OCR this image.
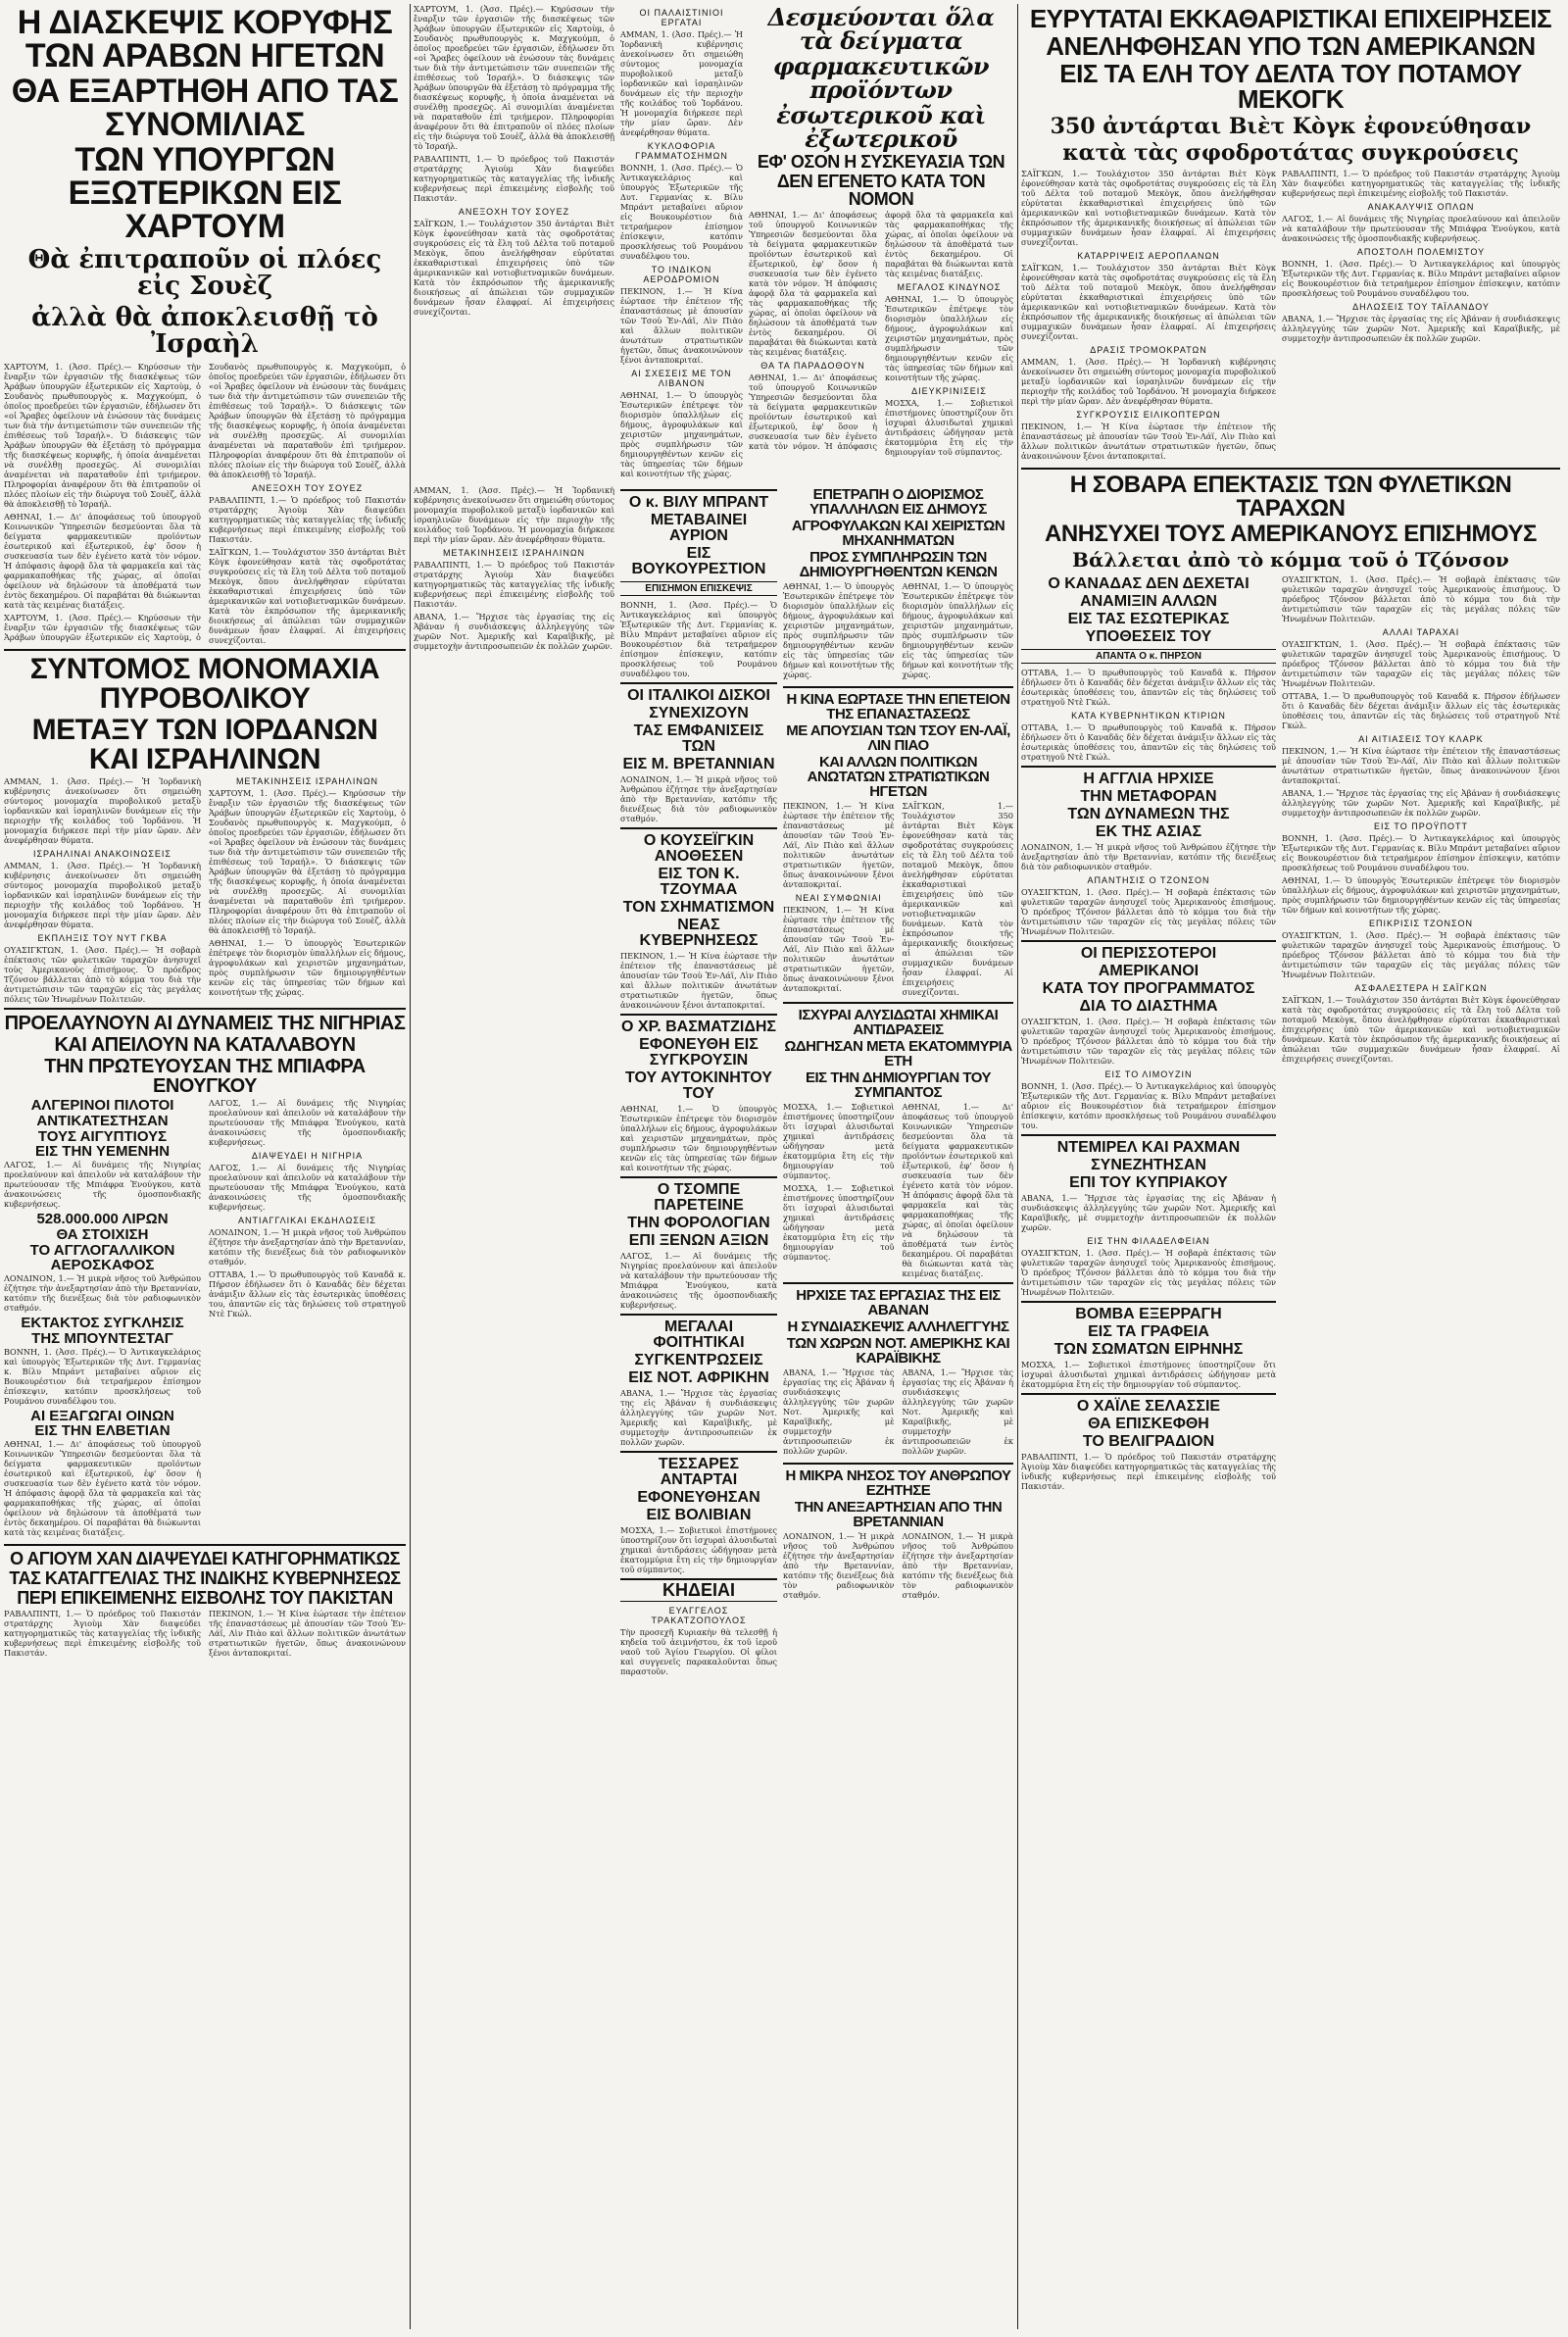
Η ΔΙΑΣΚΕΨΙΣ ΚΟΡΥΦΗΣ ΤΩΝ ΑΡΑΒΩΝ ΗΓΕΤΩΝ
ΘΑ ΕΞΑΡΤΗΘΗ ΑΠΟ ΤΑΣ ΣΥΝΟΜΙΛΙΑΣ
ΤΩΝ ΥΠΟΥΡΓΩΝ ΕΞΩΤΕΡΙΚΩΝ ΕΙΣ ΧΑΡΤΟΥΜ
Θὰ ἐπιτραποῦν οἱ πλόες εἰς Σουὲζ
ἀλλὰ θὰ ἀποκλεισθῇ τὸ Ἰσραὴλ

ΧΑΡΤΟΥΜ, 1. (Ἀσσ. Πρές).— Κηρύσσων τὴν ἔναρξιν τῶν ἐργασιῶν τῆς διασκέψεως τῶν Ἀράβων ὑπουργῶν ἐξωτερικῶν εἰς Χαρτοὺμ, ὁ Σουδανὸς πρωθυπουργὸς κ. Μαχγκούμπ, ὁ ὁποῖος προεδρεύει τῶν ἐργασιῶν, ἐδήλωσεν ὅτι «οἱ Ἄραβες ὀφείλουν νὰ ἑνώσουν τὰς δυνάμεις των διὰ τὴν ἀντιμετώπισιν τῶν συνεπειῶν τῆς ἐπιθέσεως τοῦ Ἰσραήλ». Ὁ διάσκεψις τῶν Ἀράβων ὑπουργῶν θὰ ἐξετάσῃ τὸ πρόγραμμα τῆς διασκέψεως κορυφῆς, ἡ ὁποία ἀναμένεται νὰ συνέλθῃ προσεχῶς. Αἱ συνομιλίαι ἀναμένεται νὰ παραταθοῦν ἐπὶ τριήμερον. Πληροφορίαι ἀναφέρουν ὅτι θὰ ἐπιτραποῦν οἱ πλόες πλοίων εἰς τὴν διώρυγα τοῦ Σουὲζ, ἀλλὰ θὰ ἀποκλεισθῇ τὸ Ἰσραήλ.

ΑΘΗΝΑΙ, 1.— Δι' ἀποφάσεως τοῦ ὑπουργοῦ Κοινωνικῶν Ὑπηρεσιῶν δεσμεύονται ὅλα τὰ δείγματα φαρμακευτικῶν προϊόντων ἐσωτερικοῦ καὶ ἐξωτερικοῦ, ἐφ' ὅσον ἡ συσκευασία των δὲν ἐγένετο κατὰ τὸν νόμον. Ἡ ἀπόφασις ἀφορᾷ ὅλα τὰ φαρμακεῖα καὶ τὰς φαρμακαποθήκας τῆς χώρας, αἱ ὁποῖαι ὀφείλουν νὰ δηλώσουν τὰ ἀποθέματά των ἐντὸς δεκαημέρου. Οἱ παραβάται θὰ διώκωνται κατὰ τὰς κειμένας διατάξεις.

ΧΑΡΤΟΥΜ, 1. (Ἀσσ. Πρές).— Κηρύσσων τὴν ἔναρξιν τῶν ἐργασιῶν τῆς διασκέψεως τῶν Ἀράβων ὑπουργῶν ἐξωτερικῶν εἰς Χαρτοὺμ, ὁ Σουδανὸς πρωθυπουργὸς κ. Μαχγκούμπ, ὁ ὁποῖος προεδρεύει τῶν ἐργασιῶν, ἐδήλωσεν ὅτι «οἱ Ἄραβες ὀφείλουν νὰ ἑνώσουν τὰς δυνάμεις των διὰ τὴν ἀντιμετώπισιν τῶν συνεπειῶν τῆς ἐπιθέσεως τοῦ Ἰσραήλ». Ὁ διάσκεψις τῶν Ἀράβων ὑπουργῶν θὰ ἐξετάσῃ τὸ πρόγραμμα τῆς διασκέψεως κορυφῆς, ἡ ὁποία ἀναμένεται νὰ συνέλθῃ προσεχῶς. Αἱ συνομιλίαι ἀναμένεται νὰ παραταθοῦν ἐπὶ τριήμερον. Πληροφορίαι ἀναφέρουν ὅτι θὰ ἐπιτραποῦν οἱ πλόες πλοίων εἰς τὴν διώρυγα τοῦ Σουὲζ, ἀλλὰ θὰ ἀποκλεισθῇ τὸ Ἰσραήλ.

ΑΝΕΞΟΧΗ ΤΟΥ ΣΟΥΕΖ

ΡΑΒΑΛΠΙΝΤΙ, 1.— Ὁ πρόεδρος τοῦ Πακιστάν στρατάρχης Ἀγιοὺμ Χὰν διαψεύδει κατηγορηματικῶς τὰς καταγγελίας τῆς ἰνδικῆς κυβερνήσεως περὶ ἐπικειμένης εἰσβολῆς τοῦ Πακιστάν.

ΣΑΪΓΚΩΝ, 1.— Τουλάχιστον 350 ἀντάρται Βιὲτ Κὸγκ ἐφονεύθησαν κατὰ τὰς σφοδροτάτας συγκρούσεις εἰς τὰ ἕλη τοῦ Δέλτα τοῦ ποταμοῦ Μεκὸγκ, ὅπου ἀνελήφθησαν εὐρύταται ἐκκαθαριστικαὶ ἐπιχειρήσεις ὑπὸ τῶν ἀμερικανικῶν καὶ νοτιοβιετναμικῶν δυνάμεων. Κατὰ τὸν ἐκπρόσωπον τῆς ἀμερικανικῆς διοικήσεως αἱ ἀπώλειαι τῶν συμμαχικῶν δυνάμεων ἦσαν ἐλαφραί. Αἱ ἐπιχειρήσεις συνεχίζονται.

ΣΥΝΤΟΜΟΣ ΜΟΝΟΜΑΧΙΑ ΠΥΡΟΒΟΛΙΚΟΥ
ΜΕΤΑΞΥ ΤΩΝ ΙΟΡΔΑΝΩΝ ΚΑΙ ΙΣΡΑΗΛΙΝΩΝ

ΑΜΜΑΝ, 1. (Ἀσσ. Πρές).— Ἡ Ἰορδανικὴ κυβέρνησις ἀνεκοίνωσεν ὅτι σημειώθη σύντομος μονομαχία πυροβολικοῦ μεταξὺ ἰορδανικῶν καὶ ἰσραηλινῶν δυνάμεων εἰς τὴν περιοχὴν τῆς κοιλάδος τοῦ Ἰορδάνου. Ἡ μονομαχία διήρκεσε περὶ τὴν μίαν ὥραν. Δὲν ἀνεφέρθησαν θύματα.

ΙΣΡΑΗΛΙΝΑΙ ΑΝΑΚΟΙΝΩΣΕΙΣ

ΑΜΜΑΝ, 1. (Ἀσσ. Πρές).— Ἡ Ἰορδανικὴ κυβέρνησις ἀνεκοίνωσεν ὅτι σημειώθη σύντομος μονομαχία πυροβολικοῦ μεταξὺ ἰορδανικῶν καὶ ἰσραηλινῶν δυνάμεων εἰς τὴν περιοχὴν τῆς κοιλάδος τοῦ Ἰορδάνου. Ἡ μονομαχία διήρκεσε περὶ τὴν μίαν ὥραν. Δὲν ἀνεφέρθησαν θύματα.

ΕΚΠΛΗΞΙΣ ΤΟΥ ΝΥΤ ΓΚΒΑ

ΟΥΑΣΙΓΚΤΩΝ, 1. (Ἀσσ. Πρές).— Ἡ σοβαρὰ ἐπέκτασις τῶν φυλετικῶν ταραχῶν ἀνησυχεῖ τοὺς Ἀμερικανοὺς ἐπισήμους. Ὁ πρόεδρος Τζόνσον βάλλεται ἀπὸ τὸ κόμμα του διὰ τὴν ἀντιμετώπισιν τῶν ταραχῶν εἰς τὰς μεγάλας πόλεις τῶν Ἡνωμένων Πολιτειῶν.

ΜΕΤΑΚΙΝΗΣΕΙΣ ΙΣΡΑΗΛΙΝΩΝ

ΧΑΡΤΟΥΜ, 1. (Ἀσσ. Πρές).— Κηρύσσων τὴν ἔναρξιν τῶν ἐργασιῶν τῆς διασκέψεως τῶν Ἀράβων ὑπουργῶν ἐξωτερικῶν εἰς Χαρτοὺμ, ὁ Σουδανὸς πρωθυπουργὸς κ. Μαχγκούμπ, ὁ ὁποῖος προεδρεύει τῶν ἐργασιῶν, ἐδήλωσεν ὅτι «οἱ Ἄραβες ὀφείλουν νὰ ἑνώσουν τὰς δυνάμεις των διὰ τὴν ἀντιμετώπισιν τῶν συνεπειῶν τῆς ἐπιθέσεως τοῦ Ἰσραήλ». Ὁ διάσκεψις τῶν Ἀράβων ὑπουργῶν θὰ ἐξετάσῃ τὸ πρόγραμμα τῆς διασκέψεως κορυφῆς, ἡ ὁποία ἀναμένεται νὰ συνέλθῃ προσεχῶς. Αἱ συνομιλίαι ἀναμένεται νὰ παραταθοῦν ἐπὶ τριήμερον. Πληροφορίαι ἀναφέρουν ὅτι θὰ ἐπιτραποῦν οἱ πλόες πλοίων εἰς τὴν διώρυγα τοῦ Σουὲζ, ἀλλὰ θὰ ἀποκλεισθῇ τὸ Ἰσραήλ.

ΑΘΗΝΑΙ, 1.— Ὁ ὑπουργὸς Ἐσωτερικῶν ἐπέτρεψε τὸν διορισμὸν ὑπαλλήλων εἰς δήμους, ἀγροφυλάκων καὶ χειριστῶν μηχανημάτων, πρὸς συμπλήρωσιν τῶν δημιουργηθέντων κενῶν εἰς τὰς ὑπηρεσίας τῶν δήμων καὶ κοινοτήτων τῆς χώρας.

ΠΡΟΕΛΑΥΝΟΥΝ ΑΙ ΔΥΝΑΜΕΙΣ ΤΗΣ ΝΙΓΗΡΙΑΣ
ΚΑΙ ΑΠΕΙΛΟΥΝ ΝΑ ΚΑΤΑΛΑΒΟΥΝ
ΤΗΝ ΠΡΩΤΕΥΟΥΣΑΝ ΤΗΣ ΜΠΙΑΦΡΑ ΕΝΟΥΓΚΟΥ
ΑΛΓΕΡΙΝΟΙ ΠΙΛΟΤΟΙ
ΑΝΤΙΚΑΤΕΣΤΗΣΑΝ
ΤΟΥΣ ΑΙΓΥΠΤΙΟΥΣ
ΕΙΣ ΤΗΝ ΥΕΜΕΝΗΝ

ΛΑΓΟΣ, 1.— Αἱ δυνάμεις τῆς Νιγηρίας προελαύνουν καὶ ἀπειλοῦν νὰ καταλάβουν τὴν πρωτεύουσαν τῆς Μπιάφρα Ἐνούγκου, κατὰ ἀνακοινώσεις τῆς ὁμοσπονδιακῆς κυβερνήσεως.

528.000.000 ΛΙΡΩΝ
ΘΑ ΣΤΟΙΧΙΣΗ
ΤΟ ΑΓΓΛΟΓΑΛΛΙΚΟΝ
ΑΕΡΟΣΚΑΦΟΣ

ΛΟΝΔΙΝΟΝ, 1.— Ἡ μικρὰ νῆσος τοῦ Ἀνθρώπου ἐζήτησε τὴν ἀνεξαρτησίαν ἀπὸ τὴν Βρεταννίαν, κατόπιν τῆς διενέξεως διὰ τὸν ραδιοφωνικὸν σταθμόν.

ΕΚΤΑΚΤΟΣ ΣΥΓΚΛΗΣΙΣ
ΤΗΣ ΜΠΟΥΝΤΕΣΤΑΓ

ΒΟΝΝΗ, 1. (Ἀσσ. Πρές).— Ὁ Ἀντικαγκελάριος καὶ ὑπουργὸς Ἐξωτερικῶν τῆς Δυτ. Γερμανίας κ. Βίλυ Μπράντ μεταβαίνει αὔριον εἰς Βουκουρέστιον διὰ τετραήμερον ἐπίσημον ἐπίσκεψιν, κατόπιν προσκλήσεως τοῦ Ρουμάνου συναδέλφου του.

ΑΙ ΕΞΑΓΩΓΑΙ ΟΙΝΩΝ
ΕΙΣ ΤΗΝ ΕΛΒΕΤΙΑΝ

ΑΘΗΝΑΙ, 1.— Δι' ἀποφάσεως τοῦ ὑπουργοῦ Κοινωνικῶν Ὑπηρεσιῶν δεσμεύονται ὅλα τὰ δείγματα φαρμακευτικῶν προϊόντων ἐσωτερικοῦ καὶ ἐξωτερικοῦ, ἐφ' ὅσον ἡ συσκευασία των δὲν ἐγένετο κατὰ τὸν νόμον. Ἡ ἀπόφασις ἀφορᾷ ὅλα τὰ φαρμακεῖα καὶ τὰς φαρμακαποθήκας τῆς χώρας, αἱ ὁποῖαι ὀφείλουν νὰ δηλώσουν τὰ ἀποθέματά των ἐντὸς δεκαημέρου. Οἱ παραβάται θὰ διώκωνται κατὰ τὰς κειμένας διατάξεις.

ΛΑΓΟΣ, 1.— Αἱ δυνάμεις τῆς Νιγηρίας προελαύνουν καὶ ἀπειλοῦν νὰ καταλάβουν τὴν πρωτεύουσαν τῆς Μπιάφρα Ἐνούγκου, κατὰ ἀνακοινώσεις τῆς ὁμοσπονδιακῆς κυβερνήσεως.

ΔΙΑΨΕΥΔΕΙ Η ΝΙΓΗΡΙΑ

ΛΑΓΟΣ, 1.— Αἱ δυνάμεις τῆς Νιγηρίας προελαύνουν καὶ ἀπειλοῦν νὰ καταλάβουν τὴν πρωτεύουσαν τῆς Μπιάφρα Ἐνούγκου, κατὰ ἀνακοινώσεις τῆς ὁμοσπονδιακῆς κυβερνήσεως.

ΑΝΤΙΑΓΓΛΙΚΑΙ ΕΚΔΗΛΩΣΕΙΣ

ΛΟΝΔΙΝΟΝ, 1.— Ἡ μικρὰ νῆσος τοῦ Ἀνθρώπου ἐζήτησε τὴν ἀνεξαρτησίαν ἀπὸ τὴν Βρεταννίαν, κατόπιν τῆς διενέξεως διὰ τὸν ραδιοφωνικὸν σταθμόν.

ΟΤΤΑΒΑ, 1.— Ὁ πρωθυπουργὸς τοῦ Καναδᾶ κ. Πήρσον ἐδήλωσεν ὅτι ὁ Καναδᾶς δὲν δέχεται ἀνάμιξιν ἄλλων εἰς τὰς ἐσωτερικὰς ὑποθέσεις του, ἀπαντῶν εἰς τὰς δηλώσεις τοῦ στρατηγοῦ Ντὲ Γκώλ.

Ο ΑΓΙΟΥΜ ΧΑΝ ΔΙΑΨΕΥΔΕΙ ΚΑΤΗΓΟΡΗΜΑΤΙΚΩΣ
ΤΑΣ ΚΑΤΑΓΓΕΛΙΑΣ ΤΗΣ ΙΝΔΙΚΗΣ ΚΥΒΕΡΝΗΣΕΩΣ
ΠΕΡΙ ΕΠΙΚΕΙΜΕΝΗΣ ΕΙΣΒΟΛΗΣ ΤΟΥ ΠΑΚΙΣΤΑΝ

ΡΑΒΑΛΠΙΝΤΙ, 1.— Ὁ πρόεδρος τοῦ Πακιστάν στρατάρχης Ἀγιοὺμ Χὰν διαψεύδει κατηγορηματικῶς τὰς καταγγελίας τῆς ἰνδικῆς κυβερνήσεως περὶ ἐπικειμένης εἰσβολῆς τοῦ Πακιστάν.

ΠΕΚΙΝΟΝ, 1.— Ἡ Κίνα ἑώρτασε τὴν ἐπέτειον τῆς ἐπαναστάσεως μὲ ἀπουσίαν τῶν Τσοὺ Ἐν-Λάϊ, Λὶν Πιὰο καὶ ἄλλων πολιτικῶν ἀνωτάτων στρατιωτικῶν ἡγετῶν, ὅπως ἀνακοινώνουν ξένοι ἀνταποκριταί.

ΧΑΡΤΟΥΜ, 1. (Ἀσσ. Πρές).— Κηρύσσων τὴν ἔναρξιν τῶν ἐργασιῶν τῆς διασκέψεως τῶν Ἀράβων ὑπουργῶν ἐξωτερικῶν εἰς Χαρτοὺμ, ὁ Σουδανὸς πρωθυπουργὸς κ. Μαχγκούμπ, ὁ ὁποῖος προεδρεύει τῶν ἐργασιῶν, ἐδήλωσεν ὅτι «οἱ Ἄραβες ὀφείλουν νὰ ἑνώσουν τὰς δυνάμεις των διὰ τὴν ἀντιμετώπισιν τῶν συνεπειῶν τῆς ἐπιθέσεως τοῦ Ἰσραήλ». Ὁ διάσκεψις τῶν Ἀράβων ὑπουργῶν θὰ ἐξετάσῃ τὸ πρόγραμμα τῆς διασκέψεως κορυφῆς, ἡ ὁποία ἀναμένεται νὰ συνέλθῃ προσεχῶς. Αἱ συνομιλίαι ἀναμένεται νὰ παραταθοῦν ἐπὶ τριήμερον. Πληροφορίαι ἀναφέρουν ὅτι θὰ ἐπιτραποῦν οἱ πλόες πλοίων εἰς τὴν διώρυγα τοῦ Σουὲζ, ἀλλὰ θὰ ἀποκλεισθῇ τὸ Ἰσραήλ.

ΡΑΒΑΛΠΙΝΤΙ, 1.— Ὁ πρόεδρος τοῦ Πακιστάν στρατάρχης Ἀγιοὺμ Χὰν διαψεύδει κατηγορηματικῶς τὰς καταγγελίας τῆς ἰνδικῆς κυβερνήσεως περὶ ἐπικειμένης εἰσβολῆς τοῦ Πακιστάν.

ΑΝΕΞΟΧΗ ΤΟΥ ΣΟΥΕΖ

ΣΑΪΓΚΩΝ, 1.— Τουλάχιστον 350 ἀντάρται Βιὲτ Κὸγκ ἐφονεύθησαν κατὰ τὰς σφοδροτάτας συγκρούσεις εἰς τὰ ἕλη τοῦ Δέλτα τοῦ ποταμοῦ Μεκὸγκ, ὅπου ἀνελήφθησαν εὐρύταται ἐκκαθαριστικαὶ ἐπιχειρήσεις ὑπὸ τῶν ἀμερικανικῶν καὶ νοτιοβιετναμικῶν δυνάμεων. Κατὰ τὸν ἐκπρόσωπον τῆς ἀμερικανικῆς διοικήσεως αἱ ἀπώλειαι τῶν συμμαχικῶν δυνάμεων ἦσαν ἐλαφραί. Αἱ ἐπιχειρήσεις συνεχίζονται.

ΟΙ ΠΑΛΑΙΣΤΙΝΙΟΙ ΕΡΓΑΤΑΙ

ΑΜΜΑΝ, 1. (Ἀσσ. Πρές).— Ἡ Ἰορδανικὴ κυβέρνησις ἀνεκοίνωσεν ὅτι σημειώθη σύντομος μονομαχία πυροβολικοῦ μεταξὺ ἰορδανικῶν καὶ ἰσραηλινῶν δυνάμεων εἰς τὴν περιοχὴν τῆς κοιλάδος τοῦ Ἰορδάνου. Ἡ μονομαχία διήρκεσε περὶ τὴν μίαν ὥραν. Δὲν ἀνεφέρθησαν θύματα.

ΚΥΚΛΟΦΟΡΙΑ ΓΡΑΜΜΑΤΟΣΗΜΩΝ

ΒΟΝΝΗ, 1. (Ἀσσ. Πρές).— Ὁ Ἀντικαγκελάριος καὶ ὑπουργὸς Ἐξωτερικῶν τῆς Δυτ. Γερμανίας κ. Βίλυ Μπράντ μεταβαίνει αὔριον εἰς Βουκουρέστιον διὰ τετραήμερον ἐπίσημον ἐπίσκεψιν, κατόπιν προσκλήσεως τοῦ Ρουμάνου συναδέλφου του.

ΤΟ ΙΝΔΙΚΟΝ ΑΕΡΟΔΡΟΜΙΟΝ

ΠΕΚΙΝΟΝ, 1.— Ἡ Κίνα ἑώρτασε τὴν ἐπέτειον τῆς ἐπαναστάσεως μὲ ἀπουσίαν τῶν Τσοὺ Ἐν-Λάϊ, Λὶν Πιὰο καὶ ἄλλων πολιτικῶν ἀνωτάτων στρατιωτικῶν ἡγετῶν, ὅπως ἀνακοινώνουν ξένοι ἀνταποκριταί.

ΑΙ ΣΧΕΣΕΙΣ ΜΕ ΤΟΝ ΛΙΒΑΝΟΝ

ΑΘΗΝΑΙ, 1.— Ὁ ὑπουργὸς Ἐσωτερικῶν ἐπέτρεψε τὸν διορισμὸν ὑπαλλήλων εἰς δήμους, ἀγροφυλάκων καὶ χειριστῶν μηχανημάτων, πρὸς συμπλήρωσιν τῶν δημιουργηθέντων κενῶν εἰς τὰς ὑπηρεσίας τῶν δήμων καὶ κοινοτήτων τῆς χώρας.

Δεσμεύονται ὅλα τὰ δείγματα
φαρμακευτικῶν προϊόντων
ἐσωτερικοῦ καὶ ἐξωτερικοῦ
ΕΦ' ΟΣΟΝ Η ΣΥΣΚΕΥΑΣΙΑ ΤΩΝ
ΔΕΝ ΕΓΕΝΕΤΟ ΚΑΤΑ ΤΟΝ ΝΟΜΟΝ

ΑΘΗΝΑΙ, 1.— Δι' ἀποφάσεως τοῦ ὑπουργοῦ Κοινωνικῶν Ὑπηρεσιῶν δεσμεύονται ὅλα τὰ δείγματα φαρμακευτικῶν προϊόντων ἐσωτερικοῦ καὶ ἐξωτερικοῦ, ἐφ' ὅσον ἡ συσκευασία των δὲν ἐγένετο κατὰ τὸν νόμον. Ἡ ἀπόφασις ἀφορᾷ ὅλα τὰ φαρμακεῖα καὶ τὰς φαρμακαποθήκας τῆς χώρας, αἱ ὁποῖαι ὀφείλουν νὰ δηλώσουν τὰ ἀποθέματά των ἐντὸς δεκαημέρου. Οἱ παραβάται θὰ διώκωνται κατὰ τὰς κειμένας διατάξεις.

ΘΑ ΤΑ ΠΑΡΑΔΟΘΟΥΝ

ΑΘΗΝΑΙ, 1.— Δι' ἀποφάσεως τοῦ ὑπουργοῦ Κοινωνικῶν Ὑπηρεσιῶν δεσμεύονται ὅλα τὰ δείγματα φαρμακευτικῶν προϊόντων ἐσωτερικοῦ καὶ ἐξωτερικοῦ, ἐφ' ὅσον ἡ συσκευασία των δὲν ἐγένετο κατὰ τὸν νόμον. Ἡ ἀπόφασις ἀφορᾷ ὅλα τὰ φαρμακεῖα καὶ τὰς φαρμακαποθήκας τῆς χώρας, αἱ ὁποῖαι ὀφείλουν νὰ δηλώσουν τὰ ἀποθέματά των ἐντὸς δεκαημέρου. Οἱ παραβάται θὰ διώκωνται κατὰ τὰς κειμένας διατάξεις.

ΜΕΓΑΛΟΣ ΚΙΝΔΥΝΟΣ

ΑΘΗΝΑΙ, 1.— Ὁ ὑπουργὸς Ἐσωτερικῶν ἐπέτρεψε τὸν διορισμὸν ὑπαλλήλων εἰς δήμους, ἀγροφυλάκων καὶ χειριστῶν μηχανημάτων, πρὸς συμπλήρωσιν τῶν δημιουργηθέντων κενῶν εἰς τὰς ὑπηρεσίας τῶν δήμων καὶ κοινοτήτων τῆς χώρας.

ΔΙΕΥΚΡΙΝΙΣΕΙΣ

ΜΟΣΧΑ, 1.— Σοβιετικοὶ ἐπιστήμονες ὑποστηρίζουν ὅτι ἰσχυραὶ ἀλυσιδωταὶ χημικαὶ ἀντιδράσεις ὡδήγησαν μετὰ ἑκατομμύρια ἔτη εἰς τὴν δημιουργίαν τοῦ σύμπαντος.

ΑΜΜΑΝ, 1. (Ἀσσ. Πρές).— Ἡ Ἰορδανικὴ κυβέρνησις ἀνεκοίνωσεν ὅτι σημειώθη σύντομος μονομαχία πυροβολικοῦ μεταξὺ ἰορδανικῶν καὶ ἰσραηλινῶν δυνάμεων εἰς τὴν περιοχὴν τῆς κοιλάδος τοῦ Ἰορδάνου. Ἡ μονομαχία διήρκεσε περὶ τὴν μίαν ὥραν. Δὲν ἀνεφέρθησαν θύματα.

ΜΕΤΑΚΙΝΗΣΕΙΣ ΙΣΡΑΗΛΙΝΩΝ

ΡΑΒΑΛΠΙΝΤΙ, 1.— Ὁ πρόεδρος τοῦ Πακιστάν στρατάρχης Ἀγιοὺμ Χὰν διαψεύδει κατηγορηματικῶς τὰς καταγγελίας τῆς ἰνδικῆς κυβερνήσεως περὶ ἐπικειμένης εἰσβολῆς τοῦ Πακιστάν.

ΑΒΑΝΑ, 1.— Ἤρχισε τὰς ἐργασίας της εἰς Ἀβάναν ἡ συνδιάσκεψις ἀλληλεγγύης τῶν χωρῶν Νοτ. Ἀμερικῆς καὶ Καραϊβικῆς, μὲ συμμετοχὴν ἀντιπροσωπειῶν ἐκ πολλῶν χωρῶν.

Ο κ. ΒΙΛΥ ΜΠΡΑΝΤ
ΜΕΤΑΒΑΙΝΕΙ ΑΥΡΙΟΝ
ΕΙΣ ΒΟΥΚΟΥΡΕΣΤΙΟΝ
ΕΠΙΣΗΜΟΝ ΕΠΙΣΚΕΨΙΣ

ΒΟΝΝΗ, 1. (Ἀσσ. Πρές).— Ὁ Ἀντικαγκελάριος καὶ ὑπουργὸς Ἐξωτερικῶν τῆς Δυτ. Γερμανίας κ. Βίλυ Μπράντ μεταβαίνει αὔριον εἰς Βουκουρέστιον διὰ τετραήμερον ἐπίσημον ἐπίσκεψιν, κατόπιν προσκλήσεως τοῦ Ρουμάνου συναδέλφου του.

ΟΙ ΙΤΑΛΙΚΟΙ ΔΙΣΚΟΙ
ΣΥΝΕΧΙΖΟΥΝ
ΤΑΣ ΕΜΦΑΝΙΣΕΙΣ ΤΩΝ
ΕΙΣ Μ. ΒΡΕΤΑΝΝΙΑΝ

ΛΟΝΔΙΝΟΝ, 1.— Ἡ μικρὰ νῆσος τοῦ Ἀνθρώπου ἐζήτησε τὴν ἀνεξαρτησίαν ἀπὸ τὴν Βρεταννίαν, κατόπιν τῆς διενέξεως διὰ τὸν ραδιοφωνικὸν σταθμόν.

Ο ΚΟΥΣΕΪΓΚΙΝ ΑΝΟΘΕΣΕΝ
ΕΙΣ ΤΟΝ Κ. ΤΖΟΥΜΑΑ
ΤΟΝ ΣΧΗΜΑΤΙΣΜΟΝ
ΝΕΑΣ ΚΥΒΕΡΝΗΣΕΩΣ

ΠΕΚΙΝΟΝ, 1.— Ἡ Κίνα ἑώρτασε τὴν ἐπέτειον τῆς ἐπαναστάσεως μὲ ἀπουσίαν τῶν Τσοὺ Ἐν-Λάϊ, Λὶν Πιὰο καὶ ἄλλων πολιτικῶν ἀνωτάτων στρατιωτικῶν ἡγετῶν, ὅπως ἀνακοινώνουν ξένοι ἀνταποκριταί.

Ο ΧΡ. ΒΑΣΜΑΤΖΙΔΗΣ
ΕΦΟΝΕΥΘΗ ΕΙΣ ΣΥΓΚΡΟΥΣΙΝ
ΤΟΥ ΑΥΤΟΚΙΝΗΤΟΥ ΤΟΥ

ΑΘΗΝΑΙ, 1.— Ὁ ὑπουργὸς Ἐσωτερικῶν ἐπέτρεψε τὸν διορισμὸν ὑπαλλήλων εἰς δήμους, ἀγροφυλάκων καὶ χειριστῶν μηχανημάτων, πρὸς συμπλήρωσιν τῶν δημιουργηθέντων κενῶν εἰς τὰς ὑπηρεσίας τῶν δήμων καὶ κοινοτήτων τῆς χώρας.

Ο ΤΣΟΜΠΕ ΠΑΡΕΤΕΙΝΕ
ΤΗΝ ΦΟΡΟΛΟΓΙΑΝ
ΕΠΙ ΞΕΝΩΝ ΑΞΙΩΝ

ΛΑΓΟΣ, 1.— Αἱ δυνάμεις τῆς Νιγηρίας προελαύνουν καὶ ἀπειλοῦν νὰ καταλάβουν τὴν πρωτεύουσαν τῆς Μπιάφρα Ἐνούγκου, κατὰ ἀνακοινώσεις τῆς ὁμοσπονδιακῆς κυβερνήσεως.

ΜΕΓΑΛΑΙ ΦΟΙΤΗΤΙΚΑΙ
ΣΥΓΚΕΝΤΡΩΣΕΙΣ
ΕΙΣ ΝΟΤ. ΑΦΡΙΚΗΝ

ΑΒΑΝΑ, 1.— Ἤρχισε τὰς ἐργασίας της εἰς Ἀβάναν ἡ συνδιάσκεψις ἀλληλεγγύης τῶν χωρῶν Νοτ. Ἀμερικῆς καὶ Καραϊβικῆς, μὲ συμμετοχὴν ἀντιπροσωπειῶν ἐκ πολλῶν χωρῶν.

ΤΕΣΣΑΡΕΣ ΑΝΤΑΡΤΑΙ
ΕΦΟΝΕΥΘΗΣΑΝ
ΕΙΣ ΒΟΛΙΒΙΑΝ

ΜΟΣΧΑ, 1.— Σοβιετικοὶ ἐπιστήμονες ὑποστηρίζουν ὅτι ἰσχυραὶ ἀλυσιδωταὶ χημικαὶ ἀντιδράσεις ὡδήγησαν μετὰ ἑκατομμύρια ἔτη εἰς τὴν δημιουργίαν τοῦ σύμπαντος.

ΚΗΔΕΙΑΙ
ΕΥΑΓΓΕΛΟΣ ΤΡΑΚΑΤΖΟΠΟΥΛΟΣ

Τὴν προσεχῆ Κυριακὴν θὰ τελεσθῇ ἡ κηδεία τοῦ ἀειμνήστου, ἐκ τοῦ ἱεροῦ ναοῦ τοῦ Ἁγίου Γεωργίου. Οἱ φίλοι καὶ συγγενεῖς παρακαλοῦνται ὅπως παραστοῦν.

ΕΠΕΤΡΑΠΗ Ο ΔΙΟΡΙΣΜΟΣ ΥΠΑΛΛΗΛΩΝ ΕΙΣ ΔΗΜΟΥΣ
ΑΓΡΟΦΥΛΑΚΩΝ ΚΑΙ ΧΕΙΡΙΣΤΩΝ ΜΗΧΑΝΗΜΑΤΩΝ
ΠΡΟΣ ΣΥΜΠΛΗΡΩΣΙΝ ΤΩΝ ΔΗΜΙΟΥΡΓΗΘΕΝΤΩΝ ΚΕΝΩΝ

ΑΘΗΝΑΙ, 1.— Ὁ ὑπουργὸς Ἐσωτερικῶν ἐπέτρεψε τὸν διορισμὸν ὑπαλλήλων εἰς δήμους, ἀγροφυλάκων καὶ χειριστῶν μηχανημάτων, πρὸς συμπλήρωσιν τῶν δημιουργηθέντων κενῶν εἰς τὰς ὑπηρεσίας τῶν δήμων καὶ κοινοτήτων τῆς χώρας.

ΑΘΗΝΑΙ, 1.— Ὁ ὑπουργὸς Ἐσωτερικῶν ἐπέτρεψε τὸν διορισμὸν ὑπαλλήλων εἰς δήμους, ἀγροφυλάκων καὶ χειριστῶν μηχανημάτων, πρὸς συμπλήρωσιν τῶν δημιουργηθέντων κενῶν εἰς τὰς ὑπηρεσίας τῶν δήμων καὶ κοινοτήτων τῆς χώρας.

Η ΚΙΝΑ ΕΩΡΤΑΣΕ ΤΗΝ ΕΠΕΤΕΙΟΝ ΤΗΣ ΕΠΑΝΑΣΤΑΣΕΩΣ
ΜΕ ΑΠΟΥΣΙΑΝ ΤΩΝ ΤΣΟΥ ΕΝ-ΛΑΪ, ΛΙΝ ΠΙΑΟ
ΚΑΙ ΑΛΛΩΝ ΠΟΛΙΤΙΚΩΝ ΑΝΩΤΑΤΩΝ ΣΤΡΑΤΙΩΤΙΚΩΝ ΗΓΕΤΩΝ

ΠΕΚΙΝΟΝ, 1.— Ἡ Κίνα ἑώρτασε τὴν ἐπέτειον τῆς ἐπαναστάσεως μὲ ἀπουσίαν τῶν Τσοὺ Ἐν-Λάϊ, Λὶν Πιὰο καὶ ἄλλων πολιτικῶν ἀνωτάτων στρατιωτικῶν ἡγετῶν, ὅπως ἀνακοινώνουν ξένοι ἀνταποκριταί.

ΝΕΑΙ ΣΥΜΦΩΝΙΑΙ

ΠΕΚΙΝΟΝ, 1.— Ἡ Κίνα ἑώρτασε τὴν ἐπέτειον τῆς ἐπαναστάσεως μὲ ἀπουσίαν τῶν Τσοὺ Ἐν-Λάϊ, Λὶν Πιὰο καὶ ἄλλων πολιτικῶν ἀνωτάτων στρατιωτικῶν ἡγετῶν, ὅπως ἀνακοινώνουν ξένοι ἀνταποκριταί.

ΣΑΪΓΚΩΝ, 1.— Τουλάχιστον 350 ἀντάρται Βιὲτ Κὸγκ ἐφονεύθησαν κατὰ τὰς σφοδροτάτας συγκρούσεις εἰς τὰ ἕλη τοῦ Δέλτα τοῦ ποταμοῦ Μεκὸγκ, ὅπου ἀνελήφθησαν εὐρύταται ἐκκαθαριστικαὶ ἐπιχειρήσεις ὑπὸ τῶν ἀμερικανικῶν καὶ νοτιοβιετναμικῶν δυνάμεων. Κατὰ τὸν ἐκπρόσωπον τῆς ἀμερικανικῆς διοικήσεως αἱ ἀπώλειαι τῶν συμμαχικῶν δυνάμεων ἦσαν ἐλαφραί. Αἱ ἐπιχειρήσεις συνεχίζονται.

ΙΣΧΥΡΑΙ ΑΛΥΣΙΔΩΤΑΙ ΧΗΜΙΚΑΙ ΑΝΤΙΔΡΑΣΕΙΣ
ΩΔΗΓΗΣΑΝ ΜΕΤΑ ΕΚΑΤΟΜΜΥΡΙΑ ΕΤΗ
ΕΙΣ ΤΗΝ ΔΗΜΙΟΥΡΓΙΑΝ ΤΟΥ ΣΥΜΠΑΝΤΟΣ

ΜΟΣΧΑ, 1.— Σοβιετικοὶ ἐπιστήμονες ὑποστηρίζουν ὅτι ἰσχυραὶ ἀλυσιδωταὶ χημικαὶ ἀντιδράσεις ὡδήγησαν μετὰ ἑκατομμύρια ἔτη εἰς τὴν δημιουργίαν τοῦ σύμπαντος.

ΜΟΣΧΑ, 1.— Σοβιετικοὶ ἐπιστήμονες ὑποστηρίζουν ὅτι ἰσχυραὶ ἀλυσιδωταὶ χημικαὶ ἀντιδράσεις ὡδήγησαν μετὰ ἑκατομμύρια ἔτη εἰς τὴν δημιουργίαν τοῦ σύμπαντος.

ΑΘΗΝΑΙ, 1.— Δι' ἀποφάσεως τοῦ ὑπουργοῦ Κοινωνικῶν Ὑπηρεσιῶν δεσμεύονται ὅλα τὰ δείγματα φαρμακευτικῶν προϊόντων ἐσωτερικοῦ καὶ ἐξωτερικοῦ, ἐφ' ὅσον ἡ συσκευασία των δὲν ἐγένετο κατὰ τὸν νόμον. Ἡ ἀπόφασις ἀφορᾷ ὅλα τὰ φαρμακεῖα καὶ τὰς φαρμακαποθήκας τῆς χώρας, αἱ ὁποῖαι ὀφείλουν νὰ δηλώσουν τὰ ἀποθέματά των ἐντὸς δεκαημέρου. Οἱ παραβάται θὰ διώκωνται κατὰ τὰς κειμένας διατάξεις.

ΗΡΧΙΣΕ ΤΑΣ ΕΡΓΑΣΙΑΣ ΤΗΣ ΕΙΣ ΑΒΑΝΑΝ
Η ΣΥΝΔΙΑΣΚΕΨΙΣ ΑΛΛΗΛΕΓΓΥΗΣ
ΤΩΝ ΧΩΡΩΝ ΝΟΤ. ΑΜΕΡΙΚΗΣ ΚΑΙ ΚΑΡΑΪΒΙΚΗΣ

ΑΒΑΝΑ, 1.— Ἤρχισε τὰς ἐργασίας της εἰς Ἀβάναν ἡ συνδιάσκεψις ἀλληλεγγύης τῶν χωρῶν Νοτ. Ἀμερικῆς καὶ Καραϊβικῆς, μὲ συμμετοχὴν ἀντιπροσωπειῶν ἐκ πολλῶν χωρῶν.

ΑΒΑΝΑ, 1.— Ἤρχισε τὰς ἐργασίας της εἰς Ἀβάναν ἡ συνδιάσκεψις ἀλληλεγγύης τῶν χωρῶν Νοτ. Ἀμερικῆς καὶ Καραϊβικῆς, μὲ συμμετοχὴν ἀντιπροσωπειῶν ἐκ πολλῶν χωρῶν.

Η ΜΙΚΡΑ ΝΗΣΟΣ ΤΟΥ ΑΝΘΡΩΠΟΥ ΕΖΗΤΗΣΕ
ΤΗΝ ΑΝΕΞΑΡΤΗΣΙΑΝ ΑΠΟ ΤΗΝ ΒΡΕΤΑΝΝΙΑΝ

ΛΟΝΔΙΝΟΝ, 1.— Ἡ μικρὰ νῆσος τοῦ Ἀνθρώπου ἐζήτησε τὴν ἀνεξαρτησίαν ἀπὸ τὴν Βρεταννίαν, κατόπιν τῆς διενέξεως διὰ τὸν ραδιοφωνικὸν σταθμόν.

ΛΟΝΔΙΝΟΝ, 1.— Ἡ μικρὰ νῆσος τοῦ Ἀνθρώπου ἐζήτησε τὴν ἀνεξαρτησίαν ἀπὸ τὴν Βρεταννίαν, κατόπιν τῆς διενέξεως διὰ τὸν ραδιοφωνικὸν σταθμόν.

ΕΥΡΥΤΑΤΑΙ ΕΚΚΑΘΑΡΙΣΤΙΚΑΙ ΕΠΙΧΕΙΡΗΣΕΙΣ
ΑΝΕΛΗΦΘΗΣΑΝ ΥΠΟ ΤΩΝ ΑΜΕΡΙΚΑΝΩΝ
ΕΙΣ ΤΑ ΕΛΗ ΤΟΥ ΔΕΛΤΑ ΤΟΥ ΠΟΤΑΜΟΥ ΜΕΚΟΓΚ
350 ἀντάρται Βιὲτ Κὸγκ ἐφονεύθησαν
κατὰ τὰς σφοδροτάτας συγκρούσεις

ΣΑΪΓΚΩΝ, 1.— Τουλάχιστον 350 ἀντάρται Βιὲτ Κὸγκ ἐφονεύθησαν κατὰ τὰς σφοδροτάτας συγκρούσεις εἰς τὰ ἕλη τοῦ Δέλτα τοῦ ποταμοῦ Μεκὸγκ, ὅπου ἀνελήφθησαν εὐρύταται ἐκκαθαριστικαὶ ἐπιχειρήσεις ὑπὸ τῶν ἀμερικανικῶν καὶ νοτιοβιετναμικῶν δυνάμεων. Κατὰ τὸν ἐκπρόσωπον τῆς ἀμερικανικῆς διοικήσεως αἱ ἀπώλειαι τῶν συμμαχικῶν δυνάμεων ἦσαν ἐλαφραί. Αἱ ἐπιχειρήσεις συνεχίζονται.

ΚΑΤΑΡΡΙΨΕΙΣ ΑΕΡΟΠΛΑΝΩΝ

ΣΑΪΓΚΩΝ, 1.— Τουλάχιστον 350 ἀντάρται Βιὲτ Κὸγκ ἐφονεύθησαν κατὰ τὰς σφοδροτάτας συγκρούσεις εἰς τὰ ἕλη τοῦ Δέλτα τοῦ ποταμοῦ Μεκὸγκ, ὅπου ἀνελήφθησαν εὐρύταται ἐκκαθαριστικαὶ ἐπιχειρήσεις ὑπὸ τῶν ἀμερικανικῶν καὶ νοτιοβιετναμικῶν δυνάμεων. Κατὰ τὸν ἐκπρόσωπον τῆς ἀμερικανικῆς διοικήσεως αἱ ἀπώλειαι τῶν συμμαχικῶν δυνάμεων ἦσαν ἐλαφραί. Αἱ ἐπιχειρήσεις συνεχίζονται.

ΔΡΑΣΙΣ ΤΡΟΜΟΚΡΑΤΩΝ

ΑΜΜΑΝ, 1. (Ἀσσ. Πρές).— Ἡ Ἰορδανικὴ κυβέρνησις ἀνεκοίνωσεν ὅτι σημειώθη σύντομος μονομαχία πυροβολικοῦ μεταξὺ ἰορδανικῶν καὶ ἰσραηλινῶν δυνάμεων εἰς τὴν περιοχὴν τῆς κοιλάδος τοῦ Ἰορδάνου. Ἡ μονομαχία διήρκεσε περὶ τὴν μίαν ὥραν. Δὲν ἀνεφέρθησαν θύματα.

ΣΥΓΚΡΟΥΣΙΣ ΕΙΛΙΚΟΠΤΕΡΩΝ

ΠΕΚΙΝΟΝ, 1.— Ἡ Κίνα ἑώρτασε τὴν ἐπέτειον τῆς ἐπαναστάσεως μὲ ἀπουσίαν τῶν Τσοὺ Ἐν-Λάϊ, Λὶν Πιὰο καὶ ἄλλων πολιτικῶν ἀνωτάτων στρατιωτικῶν ἡγετῶν, ὅπως ἀνακοινώνουν ξένοι ἀνταποκριταί.

ΡΑΒΑΛΠΙΝΤΙ, 1.— Ὁ πρόεδρος τοῦ Πακιστάν στρατάρχης Ἀγιοὺμ Χὰν διαψεύδει κατηγορηματικῶς τὰς καταγγελίας τῆς ἰνδικῆς κυβερνήσεως περὶ ἐπικειμένης εἰσβολῆς τοῦ Πακιστάν.

ΑΝΑΚΑΛΥΨΙΣ ΟΠΛΩΝ

ΛΑΓΟΣ, 1.— Αἱ δυνάμεις τῆς Νιγηρίας προελαύνουν καὶ ἀπειλοῦν νὰ καταλάβουν τὴν πρωτεύουσαν τῆς Μπιάφρα Ἐνούγκου, κατὰ ἀνακοινώσεις τῆς ὁμοσπονδιακῆς κυβερνήσεως.

ΑΠΟΣΤΟΛΗ ΠΟΛΕΜΙΣΤΟΥ

ΒΟΝΝΗ, 1. (Ἀσσ. Πρές).— Ὁ Ἀντικαγκελάριος καὶ ὑπουργὸς Ἐξωτερικῶν τῆς Δυτ. Γερμανίας κ. Βίλυ Μπράντ μεταβαίνει αὔριον εἰς Βουκουρέστιον διὰ τετραήμερον ἐπίσημον ἐπίσκεψιν, κατόπιν προσκλήσεως τοῦ Ρουμάνου συναδέλφου του.

ΔΗΛΩΣΕΙΣ ΤΟΥ ΤΑΪΛΑΝΔΟΥ

ΑΒΑΝΑ, 1.— Ἤρχισε τὰς ἐργασίας της εἰς Ἀβάναν ἡ συνδιάσκεψις ἀλληλεγγύης τῶν χωρῶν Νοτ. Ἀμερικῆς καὶ Καραϊβικῆς, μὲ συμμετοχὴν ἀντιπροσωπειῶν ἐκ πολλῶν χωρῶν.

Η ΣΟΒΑΡΑ ΕΠΕΚΤΑΣΙΣ ΤΩΝ ΦΥΛΕΤΙΚΩΝ ΤΑΡΑΧΩΝ
ΑΝΗΣΥΧΕΙ ΤΟΥΣ ΑΜΕΡΙΚΑΝΟΥΣ ΕΠΙΣΗΜΟΥΣ
Βάλλεται ἀπὸ τὸ κόμμα τοῦ ὁ Τζόνσον
Ο ΚΑΝΑΔΑΣ ΔΕΝ ΔΕΧΕΤΑΙ
ΑΝΑΜΙΞΙΝ ΑΛΛΩΝ
ΕΙΣ ΤΑΣ ΕΣΩΤΕΡΙΚΑΣ
ΥΠΟΘΕΣΕΙΣ ΤΟΥ
ΑΠΑΝΤΑ Ο κ. ΠΗΡΣΟΝ

ΟΤΤΑΒΑ, 1.— Ὁ πρωθυπουργὸς τοῦ Καναδᾶ κ. Πήρσον ἐδήλωσεν ὅτι ὁ Καναδᾶς δὲν δέχεται ἀνάμιξιν ἄλλων εἰς τὰς ἐσωτερικὰς ὑποθέσεις του, ἀπαντῶν εἰς τὰς δηλώσεις τοῦ στρατηγοῦ Ντὲ Γκώλ.

ΚΑΤΑ ΚΥΒΕΡΝΗΤΙΚΩΝ ΚΤΙΡΙΩΝ

ΟΤΤΑΒΑ, 1.— Ὁ πρωθυπουργὸς τοῦ Καναδᾶ κ. Πήρσον ἐδήλωσεν ὅτι ὁ Καναδᾶς δὲν δέχεται ἀνάμιξιν ἄλλων εἰς τὰς ἐσωτερικὰς ὑποθέσεις του, ἀπαντῶν εἰς τὰς δηλώσεις τοῦ στρατηγοῦ Ντὲ Γκώλ.

Η ΑΓΓΛΙΑ ΗΡΧΙΣΕ
ΤΗΝ ΜΕΤΑΦΟΡΑΝ
ΤΩΝ ΔΥΝΑΜΕΩΝ ΤΗΣ
ΕΚ ΤΗΣ ΑΣΙΑΣ

ΛΟΝΔΙΝΟΝ, 1.— Ἡ μικρὰ νῆσος τοῦ Ἀνθρώπου ἐζήτησε τὴν ἀνεξαρτησίαν ἀπὸ τὴν Βρεταννίαν, κατόπιν τῆς διενέξεως διὰ τὸν ραδιοφωνικὸν σταθμόν.

ΑΠΑΝΤΗΣΙΣ Ο ΤΖΟΝΣΟΝ

ΟΥΑΣΙΓΚΤΩΝ, 1. (Ἀσσ. Πρές).— Ἡ σοβαρὰ ἐπέκτασις τῶν φυλετικῶν ταραχῶν ἀνησυχεῖ τοὺς Ἀμερικανοὺς ἐπισήμους. Ὁ πρόεδρος Τζόνσον βάλλεται ἀπὸ τὸ κόμμα του διὰ τὴν ἀντιμετώπισιν τῶν ταραχῶν εἰς τὰς μεγάλας πόλεις τῶν Ἡνωμένων Πολιτειῶν.

ΟΙ ΠΕΡΙΣΣΟΤΕΡΟΙ
ΑΜΕΡΙΚΑΝΟΙ
ΚΑΤΑ ΤΟΥ ΠΡΟΓΡΑΜΜΑΤΟΣ
ΔΙΑ ΤΟ ΔΙΑΣΤΗΜΑ

ΟΥΑΣΙΓΚΤΩΝ, 1. (Ἀσσ. Πρές).— Ἡ σοβαρὰ ἐπέκτασις τῶν φυλετικῶν ταραχῶν ἀνησυχεῖ τοὺς Ἀμερικανοὺς ἐπισήμους. Ὁ πρόεδρος Τζόνσον βάλλεται ἀπὸ τὸ κόμμα του διὰ τὴν ἀντιμετώπισιν τῶν ταραχῶν εἰς τὰς μεγάλας πόλεις τῶν Ἡνωμένων Πολιτειῶν.

ΕΙΣ ΤΟ ΛΙΜΟΥΖΙΝ

ΒΟΝΝΗ, 1. (Ἀσσ. Πρές).— Ὁ Ἀντικαγκελάριος καὶ ὑπουργὸς Ἐξωτερικῶν τῆς Δυτ. Γερμανίας κ. Βίλυ Μπράντ μεταβαίνει αὔριον εἰς Βουκουρέστιον διὰ τετραήμερον ἐπίσημον ἐπίσκεψιν, κατόπιν προσκλήσεως τοῦ Ρουμάνου συναδέλφου του.

ΝΤΕΜΙΡΕΛ ΚΑΙ ΡΑΧΜΑΝ
ΣΥΝΕΖΗΤΗΣΑΝ
ΕΠΙ ΤΟΥ ΚΥΠΡΙΑΚΟΥ

ΑΒΑΝΑ, 1.— Ἤρχισε τὰς ἐργασίας της εἰς Ἀβάναν ἡ συνδιάσκεψις ἀλληλεγγύης τῶν χωρῶν Νοτ. Ἀμερικῆς καὶ Καραϊβικῆς, μὲ συμμετοχὴν ἀντιπροσωπειῶν ἐκ πολλῶν χωρῶν.

ΕΙΣ ΤΗΝ ΦΙΛΑΔΕΛΦΕΙΑΝ

ΟΥΑΣΙΓΚΤΩΝ, 1. (Ἀσσ. Πρές).— Ἡ σοβαρὰ ἐπέκτασις τῶν φυλετικῶν ταραχῶν ἀνησυχεῖ τοὺς Ἀμερικανοὺς ἐπισήμους. Ὁ πρόεδρος Τζόνσον βάλλεται ἀπὸ τὸ κόμμα του διὰ τὴν ἀντιμετώπισιν τῶν ταραχῶν εἰς τὰς μεγάλας πόλεις τῶν Ἡνωμένων Πολιτειῶν.

ΒΟΜΒΑ ΕΞΕΡΡΑΓΗ
ΕΙΣ ΤΑ ΓΡΑΦΕΙΑ
ΤΩΝ ΣΩΜΑΤΩΝ ΕΙΡΗΝΗΣ

ΜΟΣΧΑ, 1.— Σοβιετικοὶ ἐπιστήμονες ὑποστηρίζουν ὅτι ἰσχυραὶ ἀλυσιδωταὶ χημικαὶ ἀντιδράσεις ὡδήγησαν μετὰ ἑκατομμύρια ἔτη εἰς τὴν δημιουργίαν τοῦ σύμπαντος.

Ο ΧΑΪΛΕ ΣΕΛΑΣΣΙΕ
ΘΑ ΕΠΙΣΚΕΦΘΗ
ΤΟ ΒΕΛΙΓΡΑΔΙΟΝ

ΡΑΒΑΛΠΙΝΤΙ, 1.— Ὁ πρόεδρος τοῦ Πακιστάν στρατάρχης Ἀγιοὺμ Χὰν διαψεύδει κατηγορηματικῶς τὰς καταγγελίας τῆς ἰνδικῆς κυβερνήσεως περὶ ἐπικειμένης εἰσβολῆς τοῦ Πακιστάν.

ΟΥΑΣΙΓΚΤΩΝ, 1. (Ἀσσ. Πρές).— Ἡ σοβαρὰ ἐπέκτασις τῶν φυλετικῶν ταραχῶν ἀνησυχεῖ τοὺς Ἀμερικανοὺς ἐπισήμους. Ὁ πρόεδρος Τζόνσον βάλλεται ἀπὸ τὸ κόμμα του διὰ τὴν ἀντιμετώπισιν τῶν ταραχῶν εἰς τὰς μεγάλας πόλεις τῶν Ἡνωμένων Πολιτειῶν.

ΑΛΛΑΙ ΤΑΡΑΧΑΙ

ΟΥΑΣΙΓΚΤΩΝ, 1. (Ἀσσ. Πρές).— Ἡ σοβαρὰ ἐπέκτασις τῶν φυλετικῶν ταραχῶν ἀνησυχεῖ τοὺς Ἀμερικανοὺς ἐπισήμους. Ὁ πρόεδρος Τζόνσον βάλλεται ἀπὸ τὸ κόμμα του διὰ τὴν ἀντιμετώπισιν τῶν ταραχῶν εἰς τὰς μεγάλας πόλεις τῶν Ἡνωμένων Πολιτειῶν.

ΟΤΤΑΒΑ, 1.— Ὁ πρωθυπουργὸς τοῦ Καναδᾶ κ. Πήρσον ἐδήλωσεν ὅτι ὁ Καναδᾶς δὲν δέχεται ἀνάμιξιν ἄλλων εἰς τὰς ἐσωτερικὰς ὑποθέσεις του, ἀπαντῶν εἰς τὰς δηλώσεις τοῦ στρατηγοῦ Ντὲ Γκώλ.

ΑΙ ΑΙΤΙΑΣΕΙΣ ΤΟΥ ΚΛΑΡΚ

ΠΕΚΙΝΟΝ, 1.— Ἡ Κίνα ἑώρτασε τὴν ἐπέτειον τῆς ἐπαναστάσεως μὲ ἀπουσίαν τῶν Τσοὺ Ἐν-Λάϊ, Λὶν Πιὰο καὶ ἄλλων πολιτικῶν ἀνωτάτων στρατιωτικῶν ἡγετῶν, ὅπως ἀνακοινώνουν ξένοι ἀνταποκριταί.

ΑΒΑΝΑ, 1.— Ἤρχισε τὰς ἐργασίας της εἰς Ἀβάναν ἡ συνδιάσκεψις ἀλληλεγγύης τῶν χωρῶν Νοτ. Ἀμερικῆς καὶ Καραϊβικῆς, μὲ συμμετοχὴν ἀντιπροσωπειῶν ἐκ πολλῶν χωρῶν.

ΕΙΣ ΤΟ ΠΡΟΫΠΟΤΤ

ΒΟΝΝΗ, 1. (Ἀσσ. Πρές).— Ὁ Ἀντικαγκελάριος καὶ ὑπουργὸς Ἐξωτερικῶν τῆς Δυτ. Γερμανίας κ. Βίλυ Μπράντ μεταβαίνει αὔριον εἰς Βουκουρέστιον διὰ τετραήμερον ἐπίσημον ἐπίσκεψιν, κατόπιν προσκλήσεως τοῦ Ρουμάνου συναδέλφου του.

ΑΘΗΝΑΙ, 1.— Ὁ ὑπουργὸς Ἐσωτερικῶν ἐπέτρεψε τὸν διορισμὸν ὑπαλλήλων εἰς δήμους, ἀγροφυλάκων καὶ χειριστῶν μηχανημάτων, πρὸς συμπλήρωσιν τῶν δημιουργηθέντων κενῶν εἰς τὰς ὑπηρεσίας τῶν δήμων καὶ κοινοτήτων τῆς χώρας.

ΕΠΙΚΡΙΣΙΣ ΤΖΟΝΣΟΝ

ΟΥΑΣΙΓΚΤΩΝ, 1. (Ἀσσ. Πρές).— Ἡ σοβαρὰ ἐπέκτασις τῶν φυλετικῶν ταραχῶν ἀνησυχεῖ τοὺς Ἀμερικανοὺς ἐπισήμους. Ὁ πρόεδρος Τζόνσον βάλλεται ἀπὸ τὸ κόμμα του διὰ τὴν ἀντιμετώπισιν τῶν ταραχῶν εἰς τὰς μεγάλας πόλεις τῶν Ἡνωμένων Πολιτειῶν.

ΑΣΦΑΛΕΣΤΕΡΑ Η ΣΑΪΓΚΩΝ

ΣΑΪΓΚΩΝ, 1.— Τουλάχιστον 350 ἀντάρται Βιὲτ Κὸγκ ἐφονεύθησαν κατὰ τὰς σφοδροτάτας συγκρούσεις εἰς τὰ ἕλη τοῦ Δέλτα τοῦ ποταμοῦ Μεκὸγκ, ὅπου ἀνελήφθησαν εὐρύταται ἐκκαθαριστικαὶ ἐπιχειρήσεις ὑπὸ τῶν ἀμερικανικῶν καὶ νοτιοβιετναμικῶν δυνάμεων. Κατὰ τὸν ἐκπρόσωπον τῆς ἀμερικανικῆς διοικήσεως αἱ ἀπώλειαι τῶν συμμαχικῶν δυνάμεων ἦσαν ἐλαφραί. Αἱ ἐπιχειρήσεις συνεχίζονται.
